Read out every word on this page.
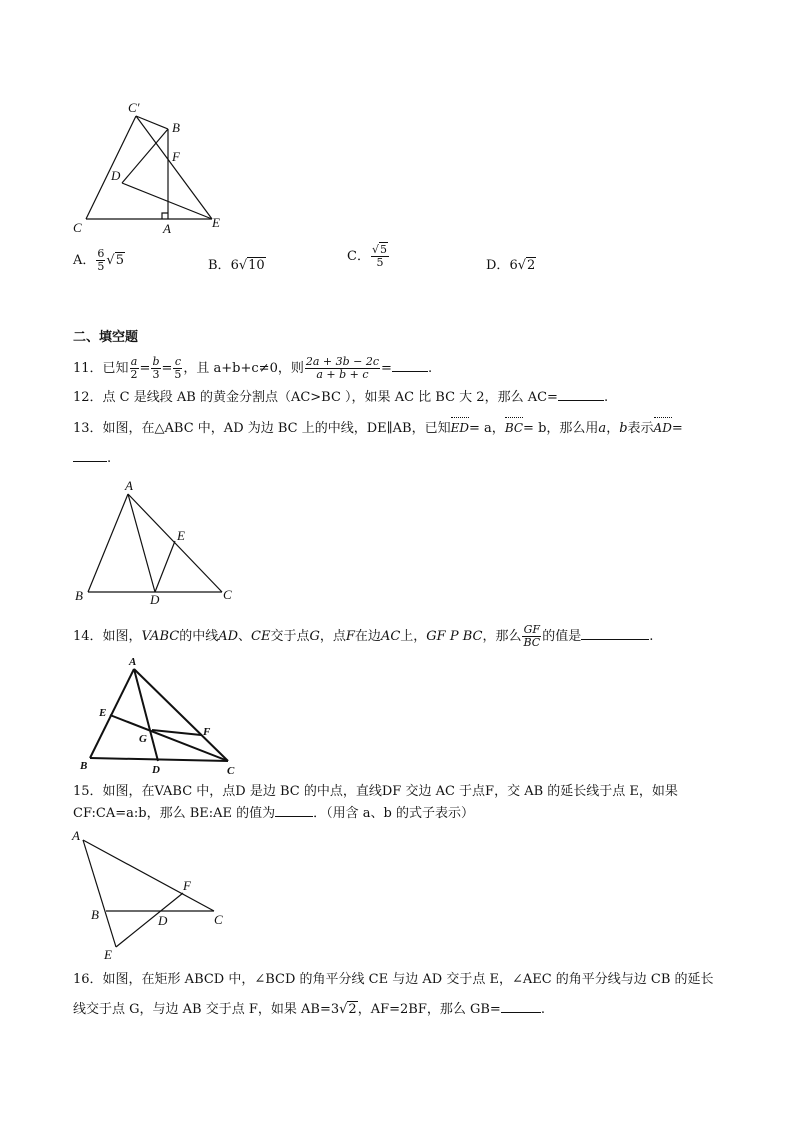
C′
B
F
D
C	A	E
A． $\frac{6}{5} √5$	B．6√10
C． $\frac{√5}{5}$	D．6√2
二、填空题
11．已知 $\frac{a}{2} = \frac{b}{3} = \frac{c}{5}$ ，且 a+b+c≠0，则 $\frac{2a + 3b - 2c}{a + b + c}$ =	.
12．点 C 是线段 AB 的黄金分割点（AC>BC ），如果 AC 比 BC 大 2，那么 AC=	.
13．如图，在△ABC 中，AD 为边 BC 上的中线，DE∥AB，已知ED= a，BC= b，那么用a，b表示AD=
.
A
E
B	D	C
14．如图，VABC的中线AD、CE交于点G，点F在边AC上，GF P BC，那么 $\frac{GF}{BC}$ 的值是	.
A
E
F
G
B	D	C
15．如图，在VABC 中，点D 是边 BC 的中点，直线DF 交边 AC 于点F，交 AB 的延长线于点 E，如果
CF:CA=a:b，那么 BE:AE 的值为	．（用含 a、b 的式子表示）
A
F
B	D	C
E
16．如图，在矩形 ABCD 中，∠BCD 的角平分线 CE 与边 AD 交于点 E，∠AEC 的角平分线与边 CB 的延长
线交于点 G，与边 AB 交于点 F，如果 AB=3√2，AF=2BF，那么 GB=	.
